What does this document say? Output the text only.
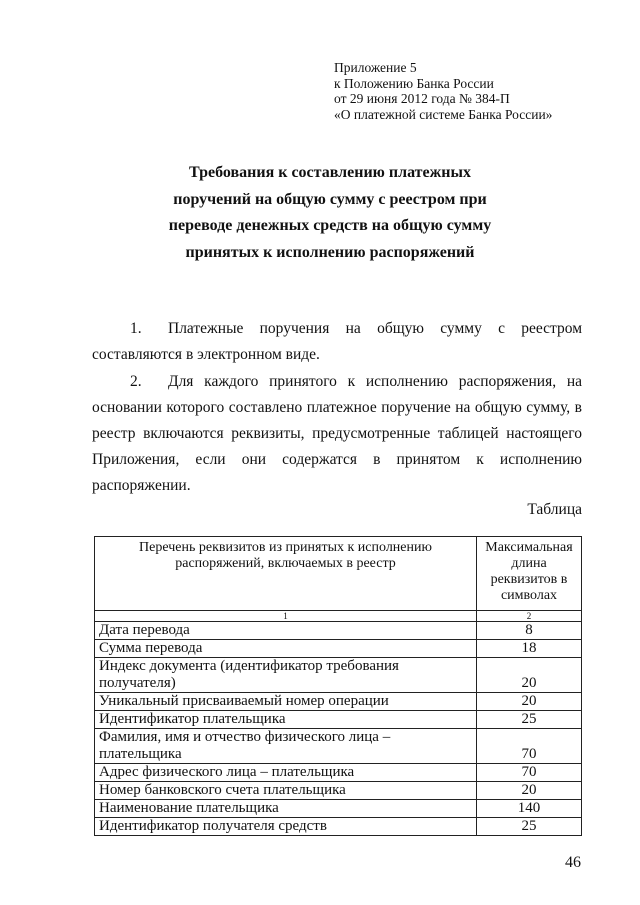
Приложение 5
к Положению Банка России
от 29 июня 2012 года № 384-П
«О платежной системе Банка России»
Требования к составлению платежных
поручений на общую сумму с реестром при
переводе денежных средств на общую сумму
принятых к исполнению распоряжений
1. Платежные поручения на общую сумму с реестром
составляются в электронном виде.
2. Для каждого принятого к исполнению распоряжения, на
основании которого составлено платежное поручение на общую сумму, в
реестр включаются реквизиты, предусмотренные таблицей настоящего
Приложения, если они содержатся в принятом к исполнению
распоряжении.
Таблица
Перечень реквизитов из принятых к исполнению распоряжений, включаемых в реестр	Максимальная длина реквизитов в символах
1	2
Дата перевода	8
Сумма перевода	18
Индекс документа (идентификатор требования получателя)	20
Уникальный присваиваемый номер операции	20
Идентификатор плательщика	25
Фамилия, имя и отчество физического лица – плательщика	70
Адрес физического лица – плательщика	70
Номер банковского счета плательщика	20
Наименование плательщика	140
Идентификатор получателя средств	25
46
